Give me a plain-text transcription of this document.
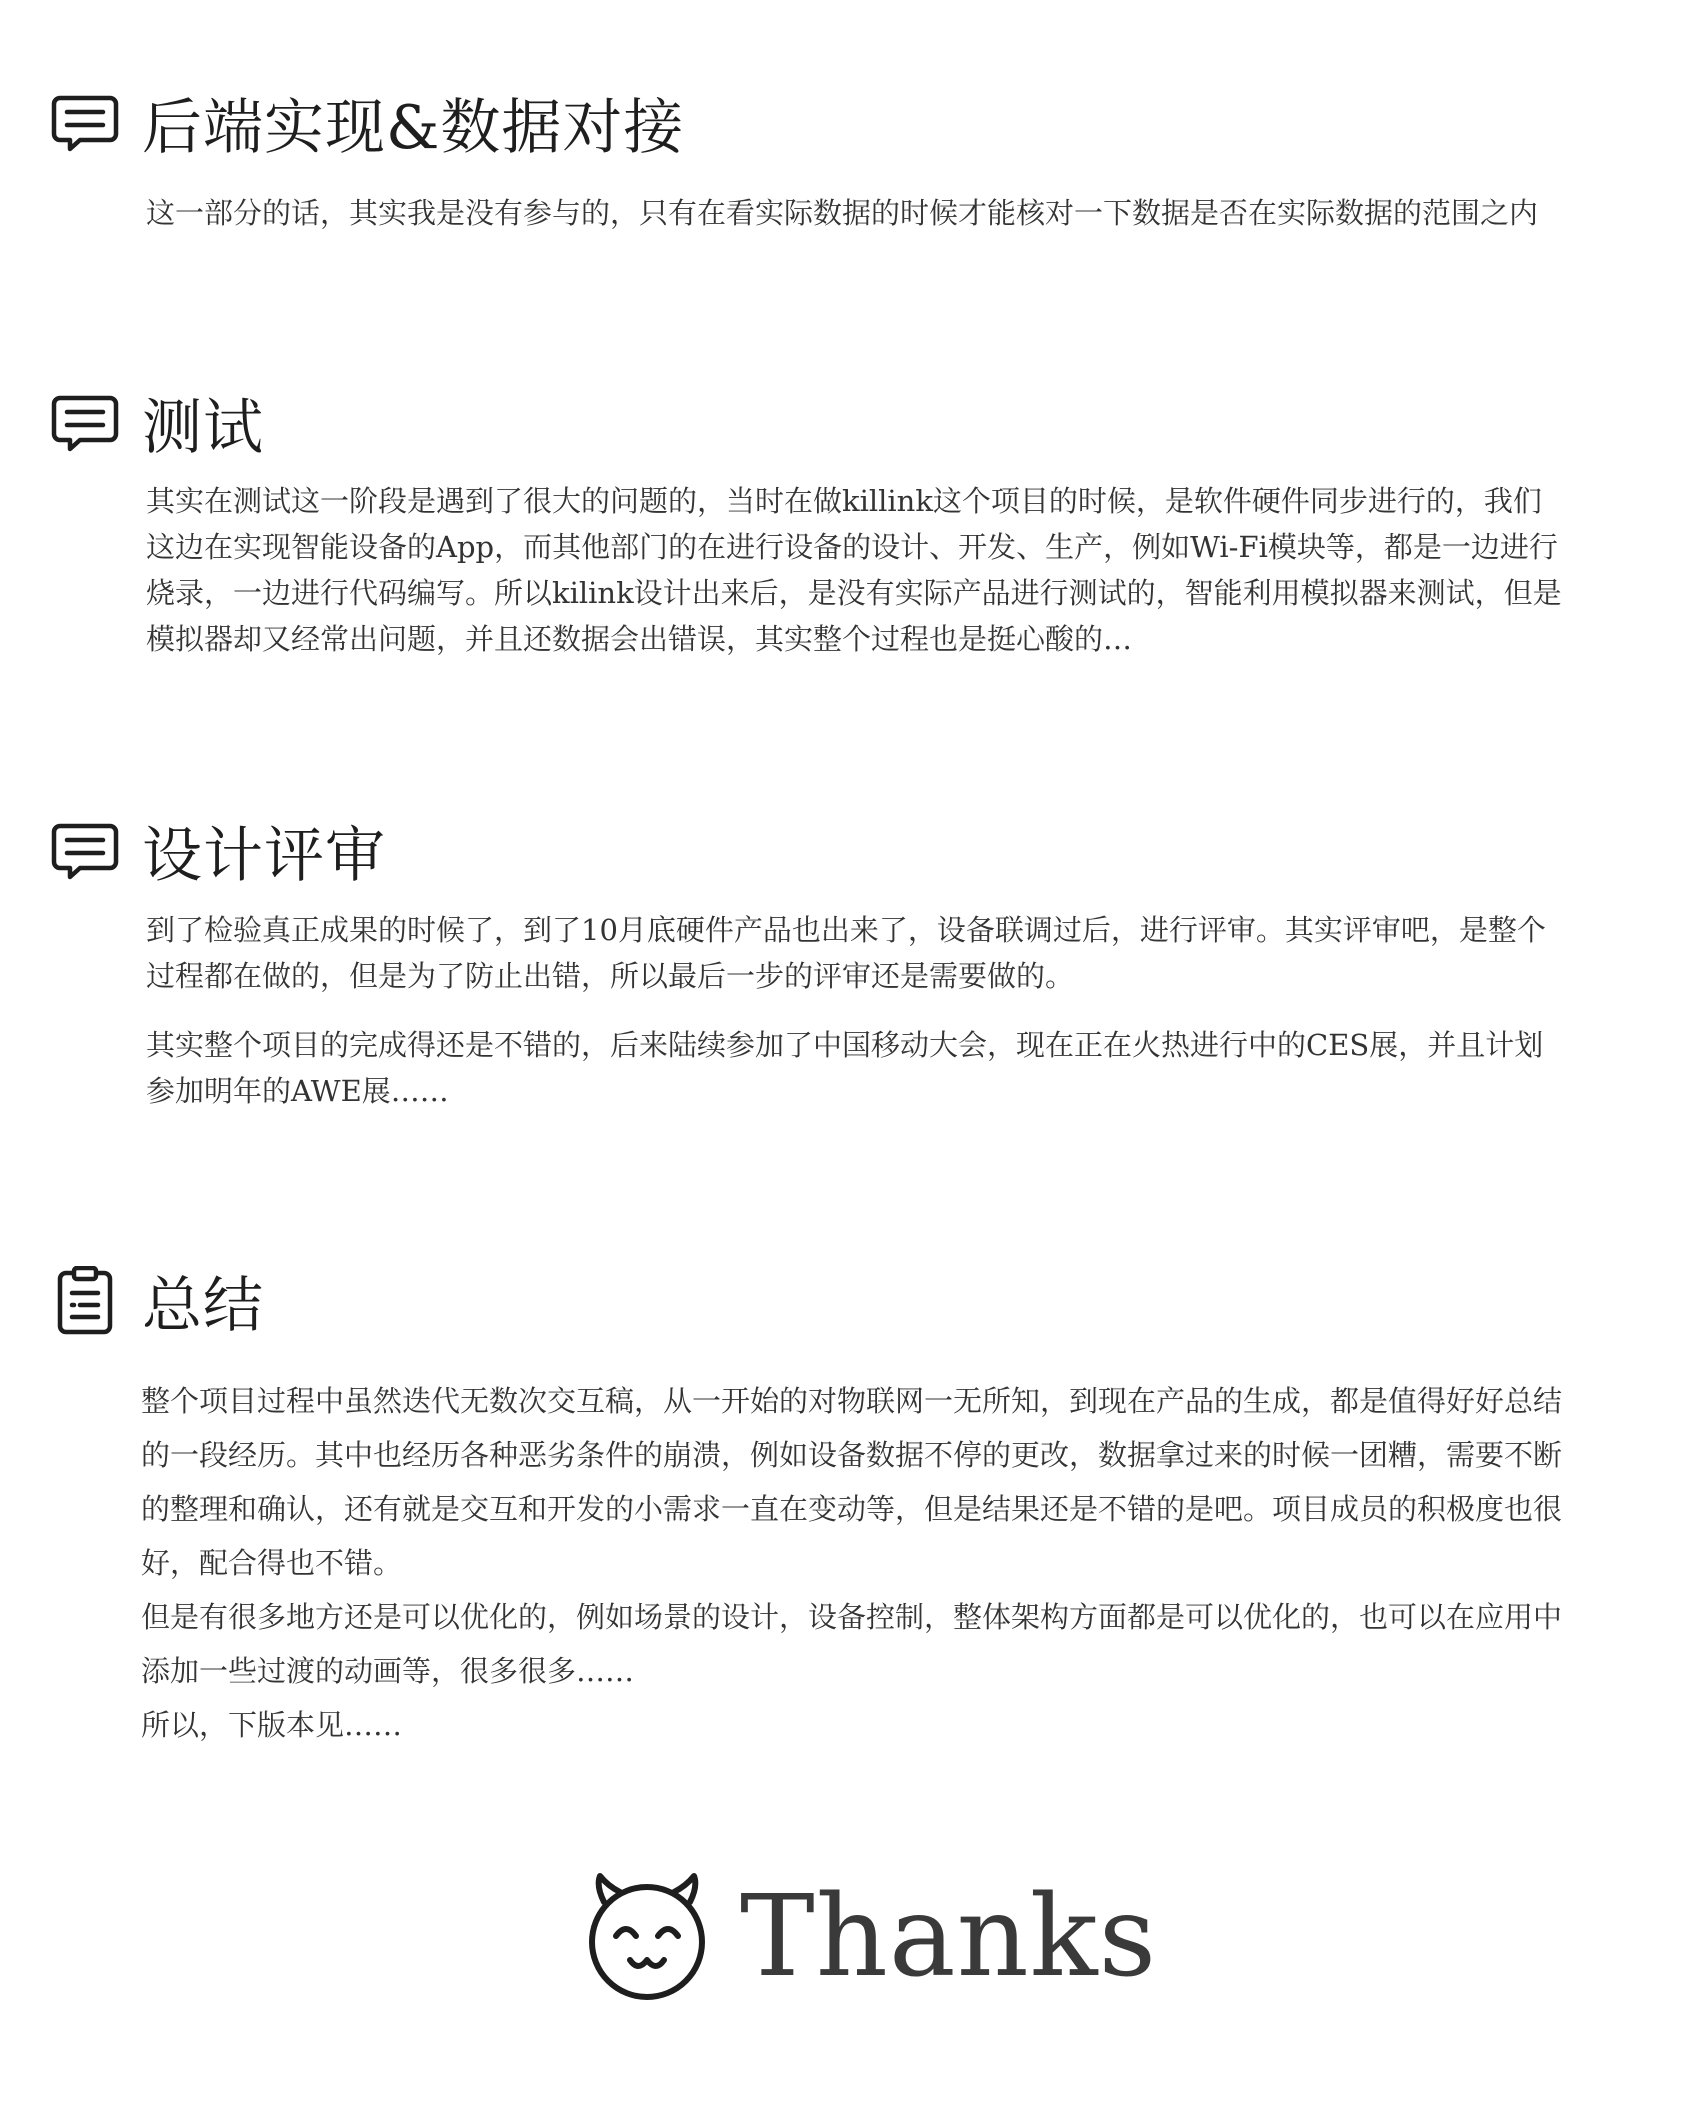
后端实现&数据对接

这一部分的话，其实我是没有参与的，只有在看实际数据的时候才能核对一下数据是否在实际数据的范围之内

测试

其实在测试这一阶段是遇到了很大的问题的，当时在做killink这个项目的时候，是软件硬件同步进行的，我们这边在实现智能设备的App，而其他部门的在进行设备的设计、开发、生产，例如Wi-Fi模块等，都是一边进行烧录，一边进行代码编写。所以kilink设计出来后，是没有实际产品进行测试的，智能利用模拟器来测试，但是模拟器却又经常出问题，并且还数据会出错误，其实整个过程也是挺心酸的…

设计评审

到了检验真正成果的时候了，到了10月底硬件产品也出来了，设备联调过后，进行评审。其实评审吧，是整个过程都在做的，但是为了防止出错，所以最后一步的评审还是需要做的。

其实整个项目的完成得还是不错的，后来陆续参加了中国移动大会，现在正在火热进行中的CES展，并且计划参加明年的AWE展……

总结

整个项目过程中虽然迭代无数次交互稿，从一开始的对物联网一无所知，到现在产品的生成，都是值得好好总结的一段经历。其中也经历各种恶劣条件的崩溃，例如设备数据不停的更改，数据拿过来的时候一团糟，需要不断的整理和确认，还有就是交互和开发的小需求一直在变动等，但是结果还是不错的是吧。项目成员的积极度也很好，配合得也不错。

但是有很多地方还是可以优化的，例如场景的设计，设备控制，整体架构方面都是可以优化的，也可以在应用中添加一些过渡的动画等，很多很多……

所以，下版本见……

Thanks
